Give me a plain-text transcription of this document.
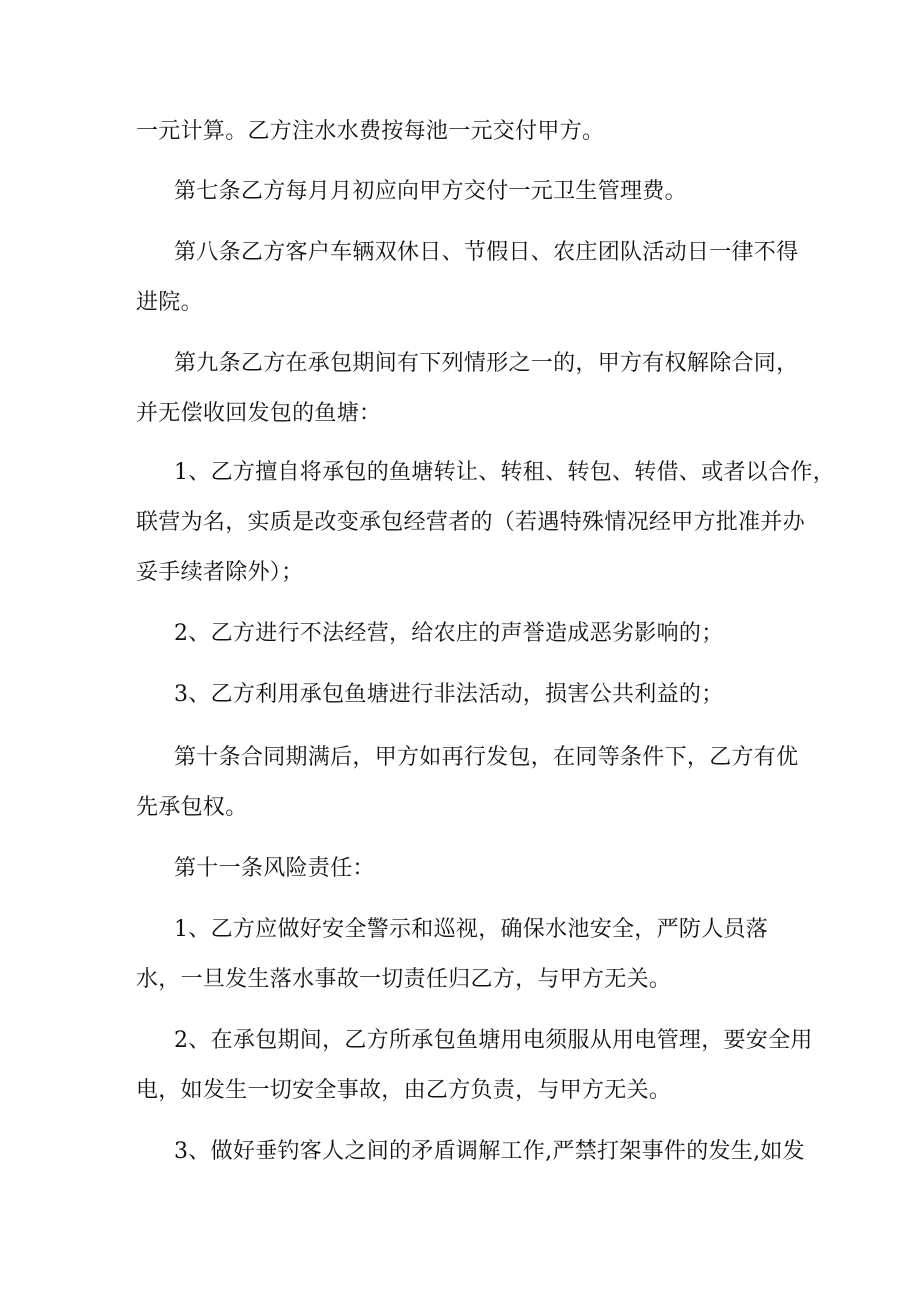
一元计算。乙方注水水费按每池一元交付甲方。
第七条乙方每月月初应向甲方交付一元卫生管理费。
第八条乙方客户车辆双休日、节假日、农庄团队活动日一律不得
进院。
第九条乙方在承包期间有下列情形之一的，甲方有权解除合同，
并无偿收回发包的鱼塘：
1、乙方擅自将承包的鱼塘转让、转租、转包、转借、或者以合作，
联营为名，实质是改变承包经营者的（若遇特殊情况经甲方批准并办
妥手续者除外）；
2、乙方进行不法经营，给农庄的声誉造成恶劣影响的；
3、乙方利用承包鱼塘进行非法活动，损害公共利益的；
第十条合同期满后，甲方如再行发包，在同等条件下，乙方有优
先承包权。
第十一条风险责任：
1、乙方应做好安全警示和巡视，确保水池安全，严防人员落
水，一旦发生落水事故一切责任归乙方，与甲方无关。
2、在承包期间，乙方所承包鱼塘用电须服从用电管理，要安全用
电，如发生一切安全事故，由乙方负责，与甲方无关。
3、做好垂钓客人之间的矛盾调解工作,严禁打架事件的发生,如发
